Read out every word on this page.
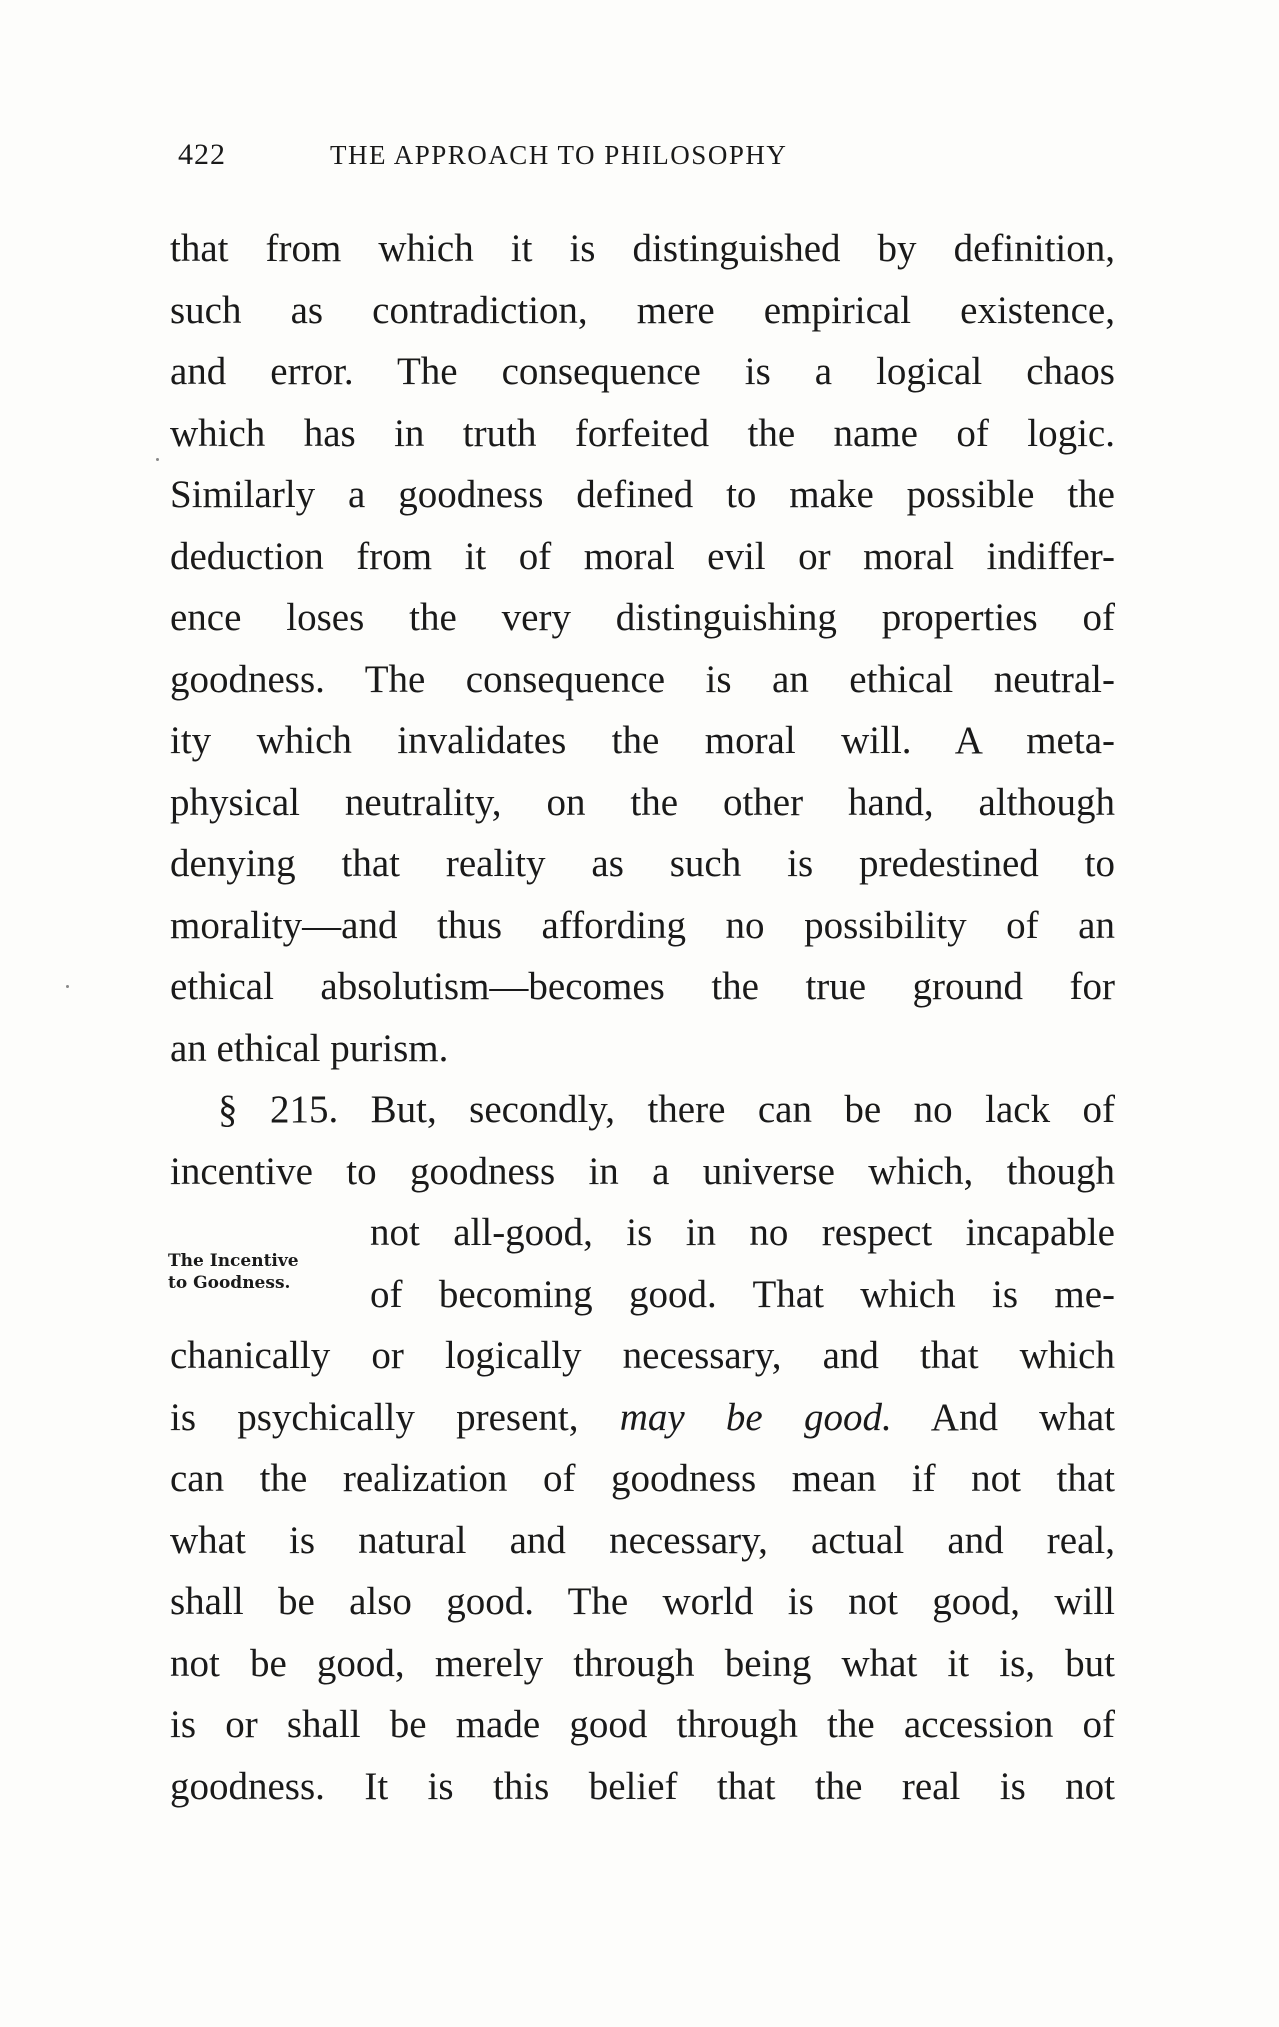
422	THE APPROACH TO PHILOSOPHY
The Incentive
to Goodness.
that from which it is distinguished by definition,
such as contradiction, mere empirical existence,
and error. The consequence is a logical chaos
which has in truth forfeited the name of logic.
Similarly a goodness defined to make possible the
deduction from it of moral evil or moral indiffer-
ence loses the very distinguishing properties of
goodness. The consequence is an ethical neutral-
ity which invalidates the moral will. A meta-
physical neutrality, on the other hand, although
denying that reality as such is predestined to
morality—and thus affording no possibility of an
ethical absolutism—becomes the true ground for
an ethical purism.
§ 215. But, secondly, there can be no lack of
incentive to goodness in a universe which, though
not all-good, is in no respect incapable
of becoming good. That which is me-
chanically or logically necessary, and that which
is psychically present, may be good. And what
can the realization of goodness mean if not that
what is natural and necessary, actual and real,
shall be also good. The world is not good, will
not be good, merely through being what it is, but
is or shall be made good through the accession of
goodness. It is this belief that the real is not
